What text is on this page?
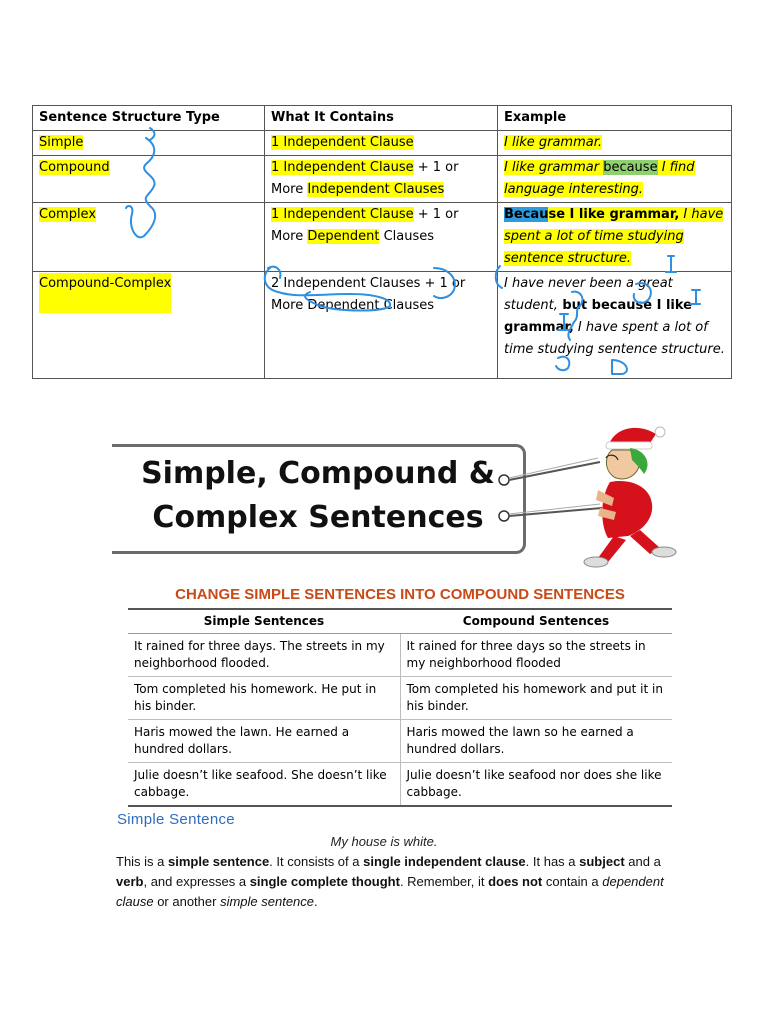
Sentence Structure Type	What It Contains	Example
Simple	1 Independent Clause	I like grammar.
Compound	1 Independent Clause + 1 or More Independent Clauses	I like grammar because I find language interesting.
Complex	1 Independent Clause + 1 or More Dependent Clauses	Because I like grammar, I have spent a lot of time studying sentence structure.
Compound-Complex	2 Independent Clauses + 1 or More Dependent Clauses	I have never been a great student, but because I like grammar, I have spent a lot of time studying sentence structure.
Simple, Compound &
Complex Sentences
CHANGE SIMPLE SENTENCES INTO COMPOUND SENTENCES
Simple Sentences	Compound Sentences
It rained for three days. The streets in my neighborhood flooded.	It rained for three days so the streets in my neighborhood flooded
Tom completed his homework. He put in his binder.	Tom completed his homework and put it in his binder.
Haris mowed the lawn. He earned a hundred dollars.	Haris mowed the lawn so he earned a hundred dollars.
Julie doesn’t like seafood. She doesn’t like cabbage.	Julie doesn’t like seafood nor does she like cabbage.
Simple Sentence
My house is white.
This is a simple sentence. It consists of a single independent clause. It has a subject and a verb, and expresses a single complete thought. Remember, it does not contain a dependent clause or another simple sentence.
